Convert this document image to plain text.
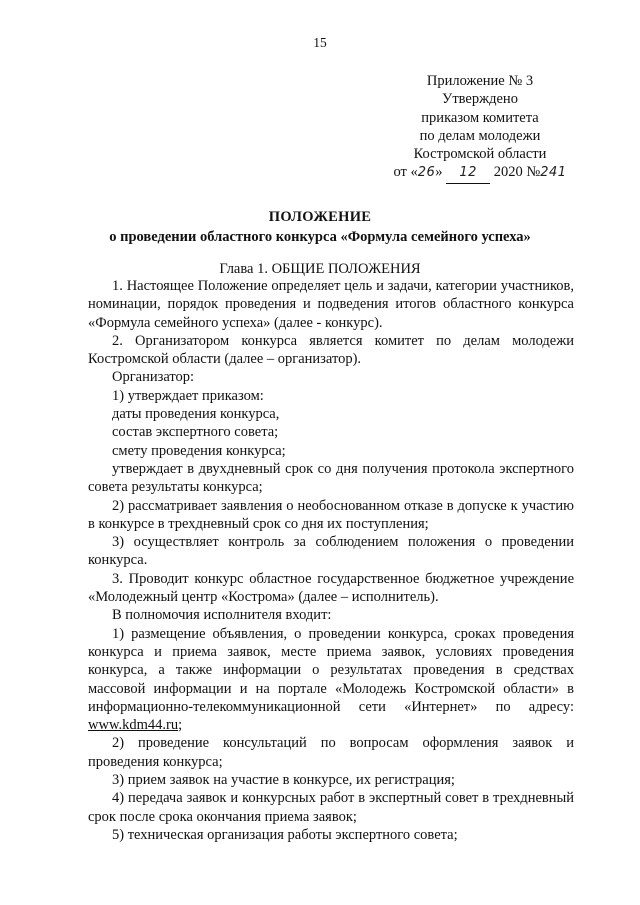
15
Приложение № 3
Утверждено
приказом комитета
по делам молодежи
Костромской области
от «26» 12 2020 №241
ПОЛОЖЕНИЕ
о проведении областного конкурса «Формула семейного успеха»
Глава 1. ОБЩИЕ ПОЛОЖЕНИЯ

1. Настоящее Положение определяет цель и задачи, категории участников, номинации, порядок проведения и подведения итогов областного конкурса «Формула семейного успеха» (далее - конкурс).

2. Организатором конкурса является комитет по делам молодежи Костромской области (далее – организатор).

Организатор:

1) утверждает приказом:

даты проведения конкурса,

состав экспертного совета;

смету проведения конкурса;

утверждает в двухдневный срок со дня получения протокола экспертного совета результаты конкурса;

2) рассматривает заявления о необоснованном отказе в допуске к участию в конкурсе в трехдневный срок со дня их поступления;

3) осуществляет контроль за соблюдением положения о проведении конкурса.

3. Проводит конкурс областное государственное бюджетное учреждение «Молодежный центр «Кострома» (далее – исполнитель).

В полномочия исполнителя входит:

1) размещение объявления, о проведении конкурса, сроках проведения конкурса и приема заявок, месте приема заявок, условиях проведения конкурса, а также информации о результатах проведения в средствах массовой информации и на портале «Молодежь Костромской области» в информационно-телекоммуникационной сети «Интернет» по адресу: www.kdm44.ru;

2) проведение консультаций по вопросам оформления заявок и проведения конкурса;

3) прием заявок на участие в конкурсе, их регистрация;

4) передача заявок и конкурсных работ в экспертный совет в трехдневный срок после срока окончания приема заявок;

5) техническая организация работы экспертного совета;
